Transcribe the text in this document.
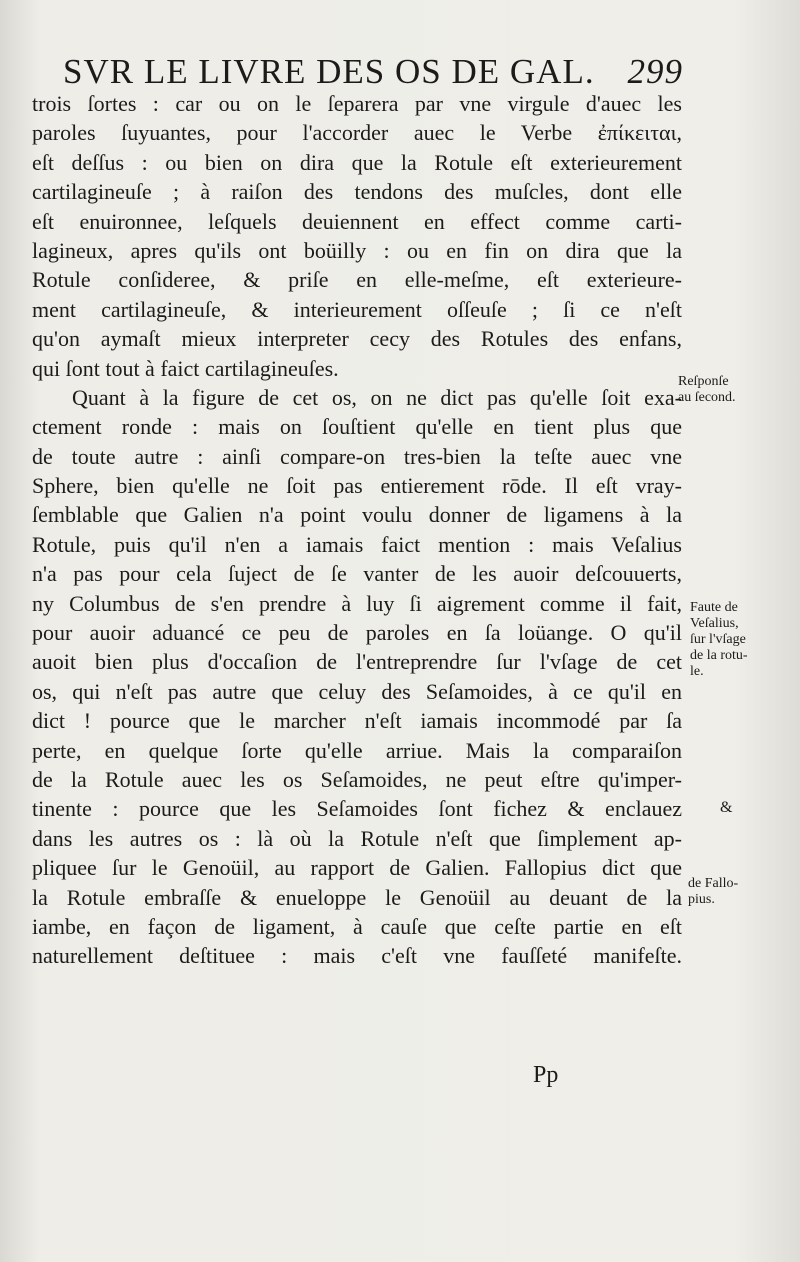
SVR LE LIVRE DES OS DE GAL. 299
trois ſortes : car ou on le ſeparera par vne virgule d'auec les
paroles ſuyuantes, pour l'accorder auec le Verbe ἐπίκειται,
eſt deſſus : ou bien on dira que la Rotule eſt exterieurement
cartilagineuſe ; à raiſon des tendons des muſcles, dont elle
eſt enuironnee, leſquels deuiennent en effect comme carti-
lagineux, apres qu'ils ont boüilly : ou en fin on dira que la
Rotule conſideree, & priſe en elle-meſme, eſt exterieure-
ment cartilagineuſe, & interieurement oſſeuſe ; ſi ce n'eſt
qu'on aymaſt mieux interpreter cecy des Rotules des enfans,
qui ſont tout à faict cartilagineuſes.
Quant à la figure de cet os, on ne dict pas qu'elle ſoit exa-
ctement ronde : mais on ſouſtient qu'elle en tient plus que
de toute autre : ainſi compare-on tres-bien la teſte auec vne
Sphere, bien qu'elle ne ſoit pas entierement rōde. Il eſt vray-
ſemblable que Galien n'a point voulu donner de ligamens à la
Rotule, puis qu'il n'en a iamais faict mention : mais Veſalius
n'a pas pour cela ſuject de ſe vanter de les auoir deſcouuerts,
ny Columbus de s'en prendre à luy ſi aigrement comme il fait,
pour auoir aduancé ce peu de paroles en ſa loüange. O qu'il
auoit bien plus d'occaſion de l'entreprendre ſur l'vſage de cet
os, qui n'eſt pas autre que celuy des Seſamoides, à ce qu'il en
dict ! pource que le marcher n'eſt iamais incommodé par ſa
perte, en quelque ſorte qu'elle arriue. Mais la comparaiſon
de la Rotule auec les os Seſamoides, ne peut eſtre qu'imper-
tinente : pource que les Seſamoides ſont fichez & enclauez
dans les autres os : là où la Rotule n'eſt que ſimplement ap-
pliquee ſur le Genoüil, au rapport de Galien. Fallopius dict que
la Rotule embraſſe & enueloppe le Genoüil au deuant de la
iambe, en façon de ligament, à cauſe que ceſte partie en eſt
naturellement deſtituee : mais c'eſt vne fauſſeté manifeſte.
Reſponſe
au ſecond.
Faute de
Veſalius,
ſur l'vſage
de la rotu-
le.
&
de Fallo-
pius.
Pp
